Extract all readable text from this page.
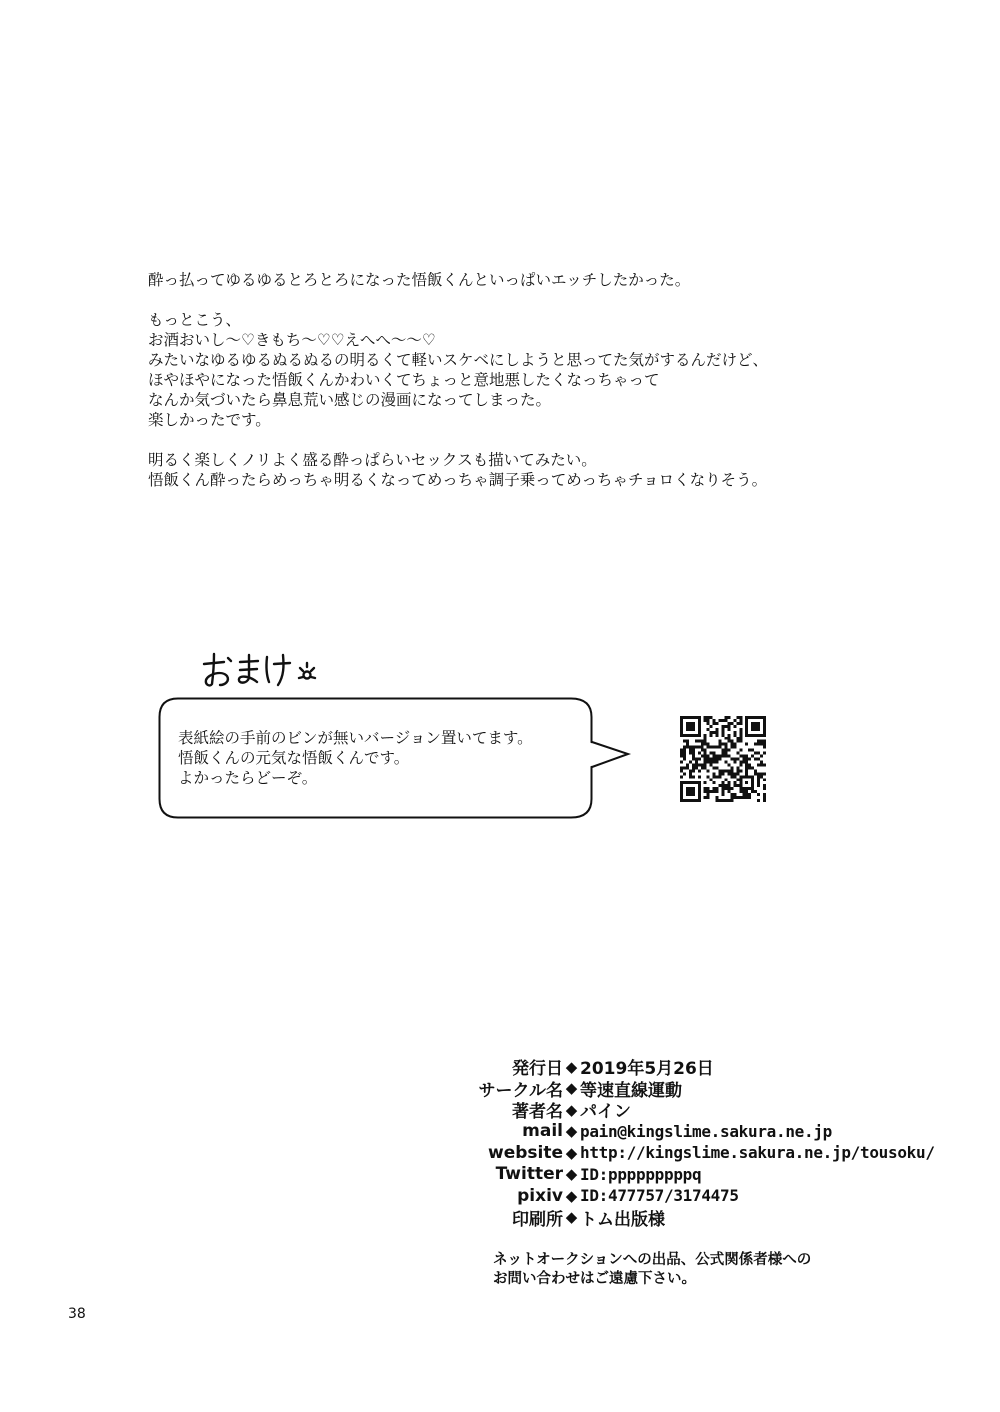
酔っ払ってゆるゆるとろとろになった悟飯くんといっぱいエッチしたかった。
もっとこう、
お酒おいし～♡きもち～♡♡えへへ～～♡
みたいなゆるゆるぬるぬるの明るくて軽いスケベにしようと思ってた気がするんだけど、
ほやほやになった悟飯くんかわいくてちょっと意地悪したくなっちゃって
なんか気づいたら鼻息荒い感じの漫画になってしまった。
楽しかったです。
明るく楽しくノリよく盛る酔っぱらいセックスも描いてみたい。
悟飯くん酔ったらめっちゃ明るくなってめっちゃ調子乗ってめっちゃチョロくなりそう。
表紙絵の手前のビンが無いバージョン置いてます。
悟飯くんの元気な悟飯くんです。
よかったらどーぞ。
発行日 ◆ 2019年5月26日
サークル名 ◆ 等速直線運動
著者名 ◆ パイン
mail ◆ pain@kingslime.sakura.ne.jp
website ◆ http://kingslime.sakura.ne.jp/tousoku/
Twitter ◆ ID:pppppppppq
pixiv ◆ ID:477757/3174475
印刷所 ◆ トム出版様
ネットオークションへの出品、公式関係者様への
お問い合わせはご遠慮下さい。
38
